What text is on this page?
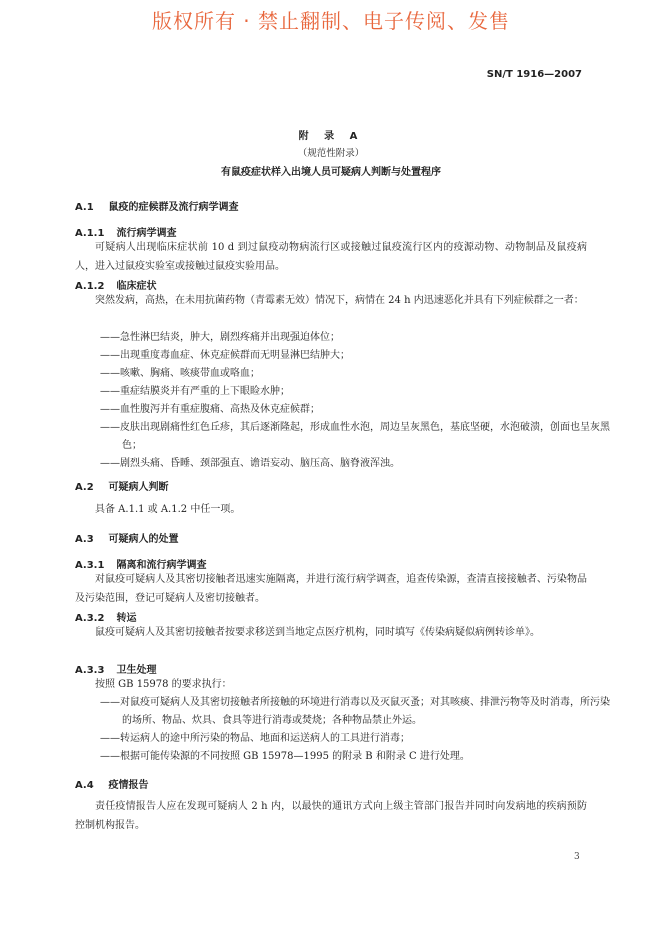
版权所有 · 禁止翻制、电子传阅、发售
SN/T 1916—2007
附 录 A
（规范性附录）
有鼠疫症状样入出境人员可疑病人判断与处置程序
A.1 鼠疫的症候群及流行病学调查
A.1.1 流行病学调查

可疑病人出现临床症状前 10 d 到过鼠疫动物病流行区或接触过鼠疫流行区内的疫源动物、动物制品及鼠疫病人，进入过鼠疫实验室或接触过鼠疫实验用品。

A.1.2 临床症状

突然发病，高热，在未用抗菌药物（青霉素无效）情况下，病情在 24 h 内迅速恶化并具有下列症候群之一者：

——急性淋巴结炎，肿大，剧烈疼痛并出现强迫体位；
——出现重度毒血症、休克症候群而无明显淋巴结肿大；
——咳嗽、胸痛、咳痰带血或咯血；
——重症结膜炎并有严重的上下眼睑水肿；
——血性腹泻并有重症腹痛、高热及休克症候群；
——皮肤出现剧痛性红色丘疹，其后逐渐隆起，形成血性水泡，周边呈灰黑色，基底坚硬，水泡破溃，创面也呈灰黑色；
——剧烈头痛、昏睡、颈部强直、谵语妄动、脑压高、脑脊液浑浊。
A.2 可疑病人判断

具备 A.1.1 或 A.1.2 中任一项。

A.3 可疑病人的处置
A.3.1 隔离和流行病学调查

对鼠疫可疑病人及其密切接触者迅速实施隔离，并进行流行病学调查，追查传染源，查清直接接触者、污染物品及污染范围，登记可疑病人及密切接触者。

A.3.2 转运

鼠疫可疑病人及其密切接触者按要求移送到当地定点医疗机构，同时填写《传染病疑似病例转诊单》。

A.3.3 卫生处理

按照 GB 15978 的要求执行：

——对鼠疫可疑病人及其密切接触者所接触的环境进行消毒以及灭鼠灭蚤；对其咳痰、排泄污物等及时消毒，所污染的场所、物品、炊具、食具等进行消毒或焚烧；各种物品禁止外运。
——转运病人的途中所污染的物品、地面和运送病人的工具进行消毒；
——根据可能传染源的不同按照 GB 15978—1995 的附录 B 和附录 C 进行处理。
A.4 疫情报告

责任疫情报告人应在发现可疑病人 2 h 内，以最快的通讯方式向上级主管部门报告并同时向发病地的疾病预防控制机构报告。

3
